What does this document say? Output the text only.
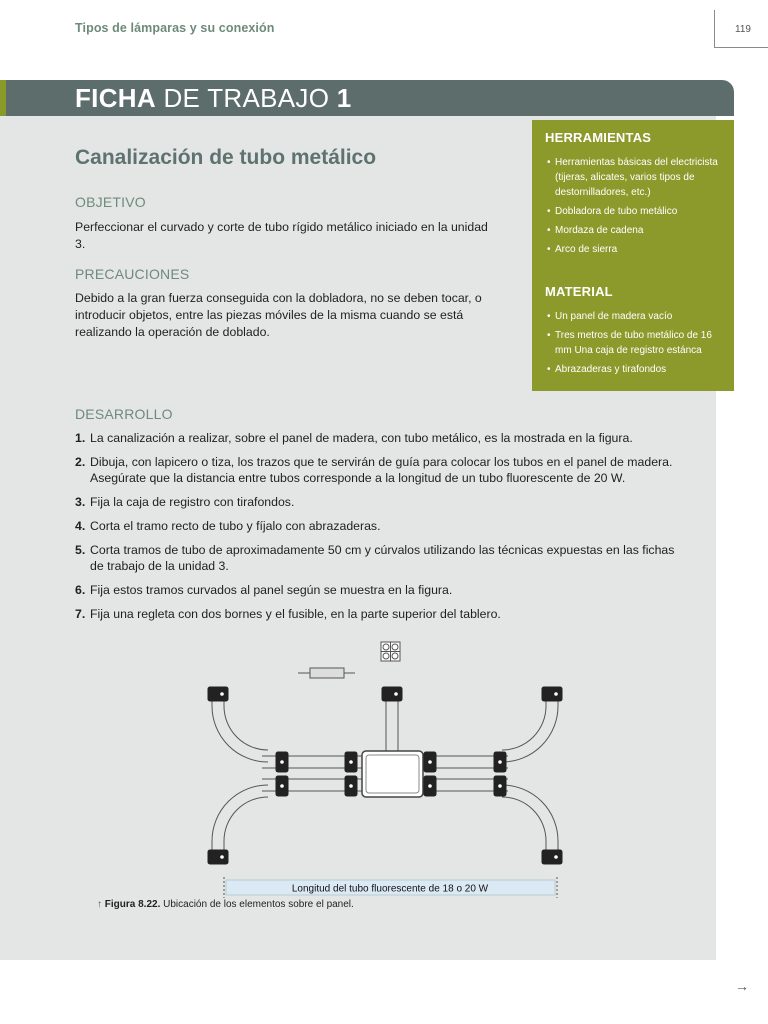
Tipos de lámparas y su conexión	119
FICHA DE TRABAJO 1
HERRAMIENTAS
• Herramientas básicas del electricista (tijeras, alicates, varios tipos de destornilladores, etc.)
• Dobladora de tubo metálico
• Mordaza de cadena
• Arco de sierra
MATERIAL
• Un panel de madera vacío
• Tres metros de tubo metálico de 16 mm Una caja de registro estánca
• Abrazaderas y tirafondos
Canalización de tubo metálico
OBJETIVO
Perfeccionar el curvado y corte de tubo rígido metálico iniciado en la unidad 3.
PRECAUCIONES
Debido a la gran fuerza conseguida con la dobladora, no se deben tocar, o introducir objetos, entre las piezas móviles de la misma cuando se está realizando la operación de doblado.
DESARROLLO
1. La canalización a realizar, sobre el panel de madera, con tubo metálico, es la mostrada en la figura.
2. Dibuja, con lapicero o tiza, los trazos que te servirán de guía para colocar los tubos en el panel de madera. Asegúrate que la distancia entre tubos corresponde a la longitud de un tubo fluorescente de 20 W.
3. Fija la caja de registro con tirafondos.
4. Corta el tramo recto de tubo y fíjalo con abrazaderas.
5. Corta tramos de tubo de aproximadamente 50 cm y cúrvalos utilizando las técnicas expuestas en las fichas de trabajo de la unidad 3.
6. Fija estos tramos curvados al panel según se muestra en la figura.
7. Fija una regleta con dos bornes y el fusible, en la parte superior del tablero.
Longitud del tubo fluorescente de 18 o 20 W
↑ Figura 8.22. Ubicación de los elementos sobre el panel.
→
